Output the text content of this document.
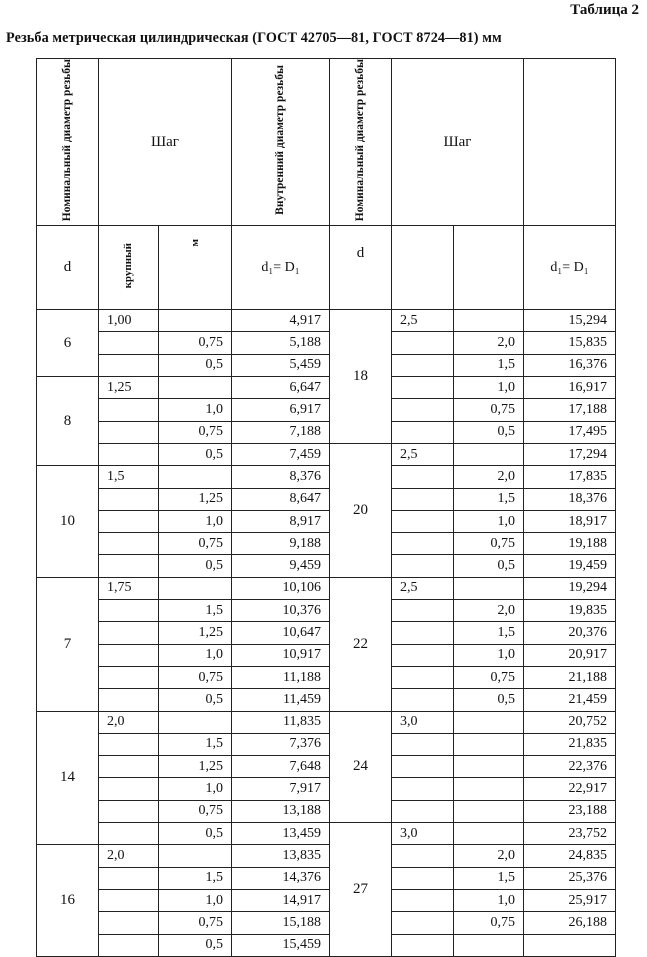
Таблица 2
Резьба метрическая цилиндрическая (ГОСТ 42705—81, ГОСТ 8724—81) мм
Номинальный диаметр резьбы	Шаг		Внутренний диаметр резьбы	Номинальный диаметр резьбы	Шаг		
d	крупный	м	d₁= D₁	d			d₁= D₁
6	1,00		4,917	18	2,5		15,294
		0,75	5,188			2,0	15,835
		0,5	5,459			1,5	16,376
8	1,25		6,647			1,0	16,917
		1,0	6,917			0,75	17,188
		0,75	7,188			0,5	17,495
		0,5	7,459	20	2,5		17,294
10	1,5		8,376			2,0	17,835
		1,25	8,647			1,5	18,376
		1,0	8,917			1,0	18,917
		0,75	9,188			0,75	19,188
		0,5	9,459			0,5	19,459
7	1,75		10,106	22	2,5		19,294
		1,5	10,376			2,0	19,835
		1,25	10,647			1,5	20,376
		1,0	10,917			1,0	20,917
		0,75	11,188			0,75	21,188
		0,5	11,459			0,5	21,459
14	2,0		11,835	24	3,0		20,752
		1,5	7,376				21,835
		1,25	7,648				22,376
		1,0	7,917				22,917
		0,75	13,188				23,188
		0,5	13,459	27	3,0		23,752
16	2,0		13,835			2,0	24,835
		1,5	14,376			1,5	25,376
		1,0	14,917			1,0	25,917
		0,75	15,188			0,75	26,188
		0,5	15,459				
